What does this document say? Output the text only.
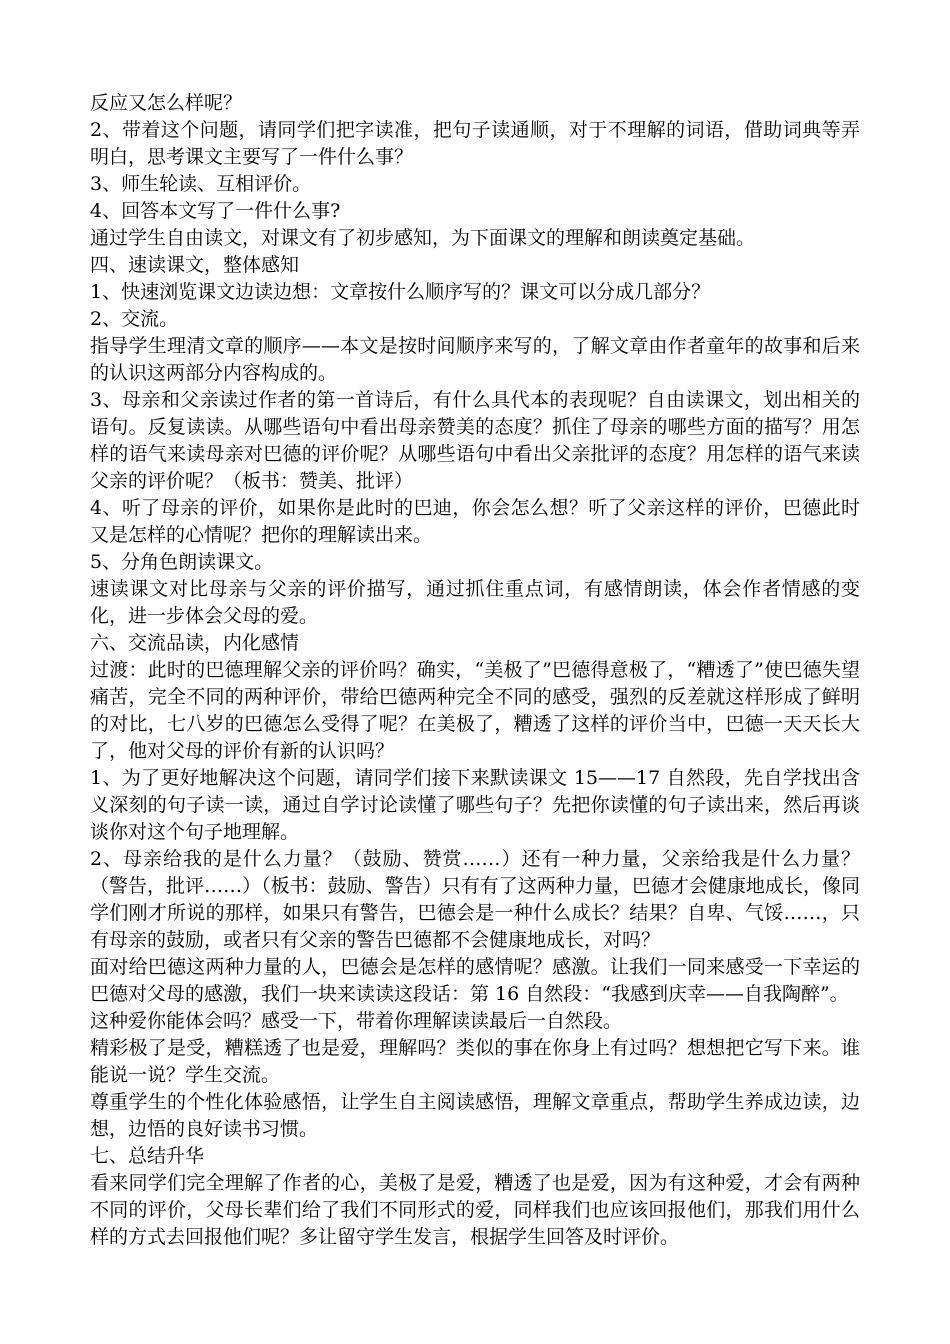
反应又怎么样呢？

2、带着这个问题，请同学们把字读准，把句子读通顺，对于不理解的词语，借助词典等弄明白，思考课文主要写了一件什么事？

3、师生轮读、互相评价。

4、回答本文写了一件什么事?

通过学生自由读文，对课文有了初步感知，为下面课文的理解和朗读奠定基础。

四、速读课文，整体感知

1、快速浏览课文边读边想：文章按什么顺序写的？课文可以分成几部分？

2、交流。

指导学生理清文章的顺序——本文是按时间顺序来写的，了解文章由作者童年的故事和后来的认识这两部分内容构成的。

3、母亲和父亲读过作者的第一首诗后，有什么具代本的表现呢？自由读课文，划出相关的语句。反复读读。从哪些语句中看出母亲赞美的态度？抓住了母亲的哪些方面的描写？用怎样的语气来读母亲对巴德的评价呢？从哪些语句中看出父亲批评的态度？用怎样的语气来读父亲的评价呢？（板书：赞美、批评）

4、听了母亲的评价，如果你是此时的巴迪，你会怎么想？听了父亲这样的评价，巴德此时又是怎样的心情呢？把你的理解读出来。

5、分角色朗读课文。

速读课文对比母亲与父亲的评价描写，通过抓住重点词，有感情朗读，体会作者情感的变化，进一步体会父母的爱。

六、交流品读，内化感情

过渡：此时的巴德理解父亲的评价吗？确实，“美极了”巴德得意极了，“糟透了”使巴德失望痛苦，完全不同的两种评价，带给巴德两种完全不同的感受，强烈的反差就这样形成了鲜明的对比，七八岁的巴德怎么受得了呢？在美极了，糟透了这样的评价当中，巴德一天天长大了，他对父母的评价有新的认识吗？

1、为了更好地解决这个问题，请同学们接下来默读课文 15——17 自然段，先自学找出含义深刻的句子读一读，通过自学讨论读懂了哪些句子？先把你读懂的句子读出来，然后再谈谈你对这个句子地理解。

2、母亲给我的是什么力量？（鼓励、赞赏……）还有一种力量，父亲给我是什么力量？（警告，批评……）（板书：鼓励、警告）只有有了这两种力量，巴德才会健康地成长，像同学们刚才所说的那样，如果只有警告，巴德会是一种什么成长？结果？自卑、气馁……，只有母亲的鼓励，或者只有父亲的警告巴德都不会健康地成长，对吗？

面对给巴德这两种力量的人，巴德会是怎样的感情呢？感激。让我们一同来感受一下幸运的巴德对父母的感激，我们一块来读读这段话：第 16 自然段：“我感到庆幸——自我陶醉”。

这种爱你能体会吗？感受一下，带着你理解读读最后一自然段。

精彩极了是受，糟糕透了也是爱，理解吗？类似的事在你身上有过吗？想想把它写下来。谁能说一说？学生交流。

尊重学生的个性化体验感悟，让学生自主阅读感悟，理解文章重点，帮助学生养成边读，边想，边悟的良好读书习惯。

七、总结升华

看来同学们完全理解了作者的心，美极了是爱，糟透了也是爱，因为有这种爱，才会有两种不同的评价，父母长辈们给了我们不同形式的爱，同样我们也应该回报他们，那我们用什么样的方式去回报他们呢？多让留守学生发言，根据学生回答及时评价。
